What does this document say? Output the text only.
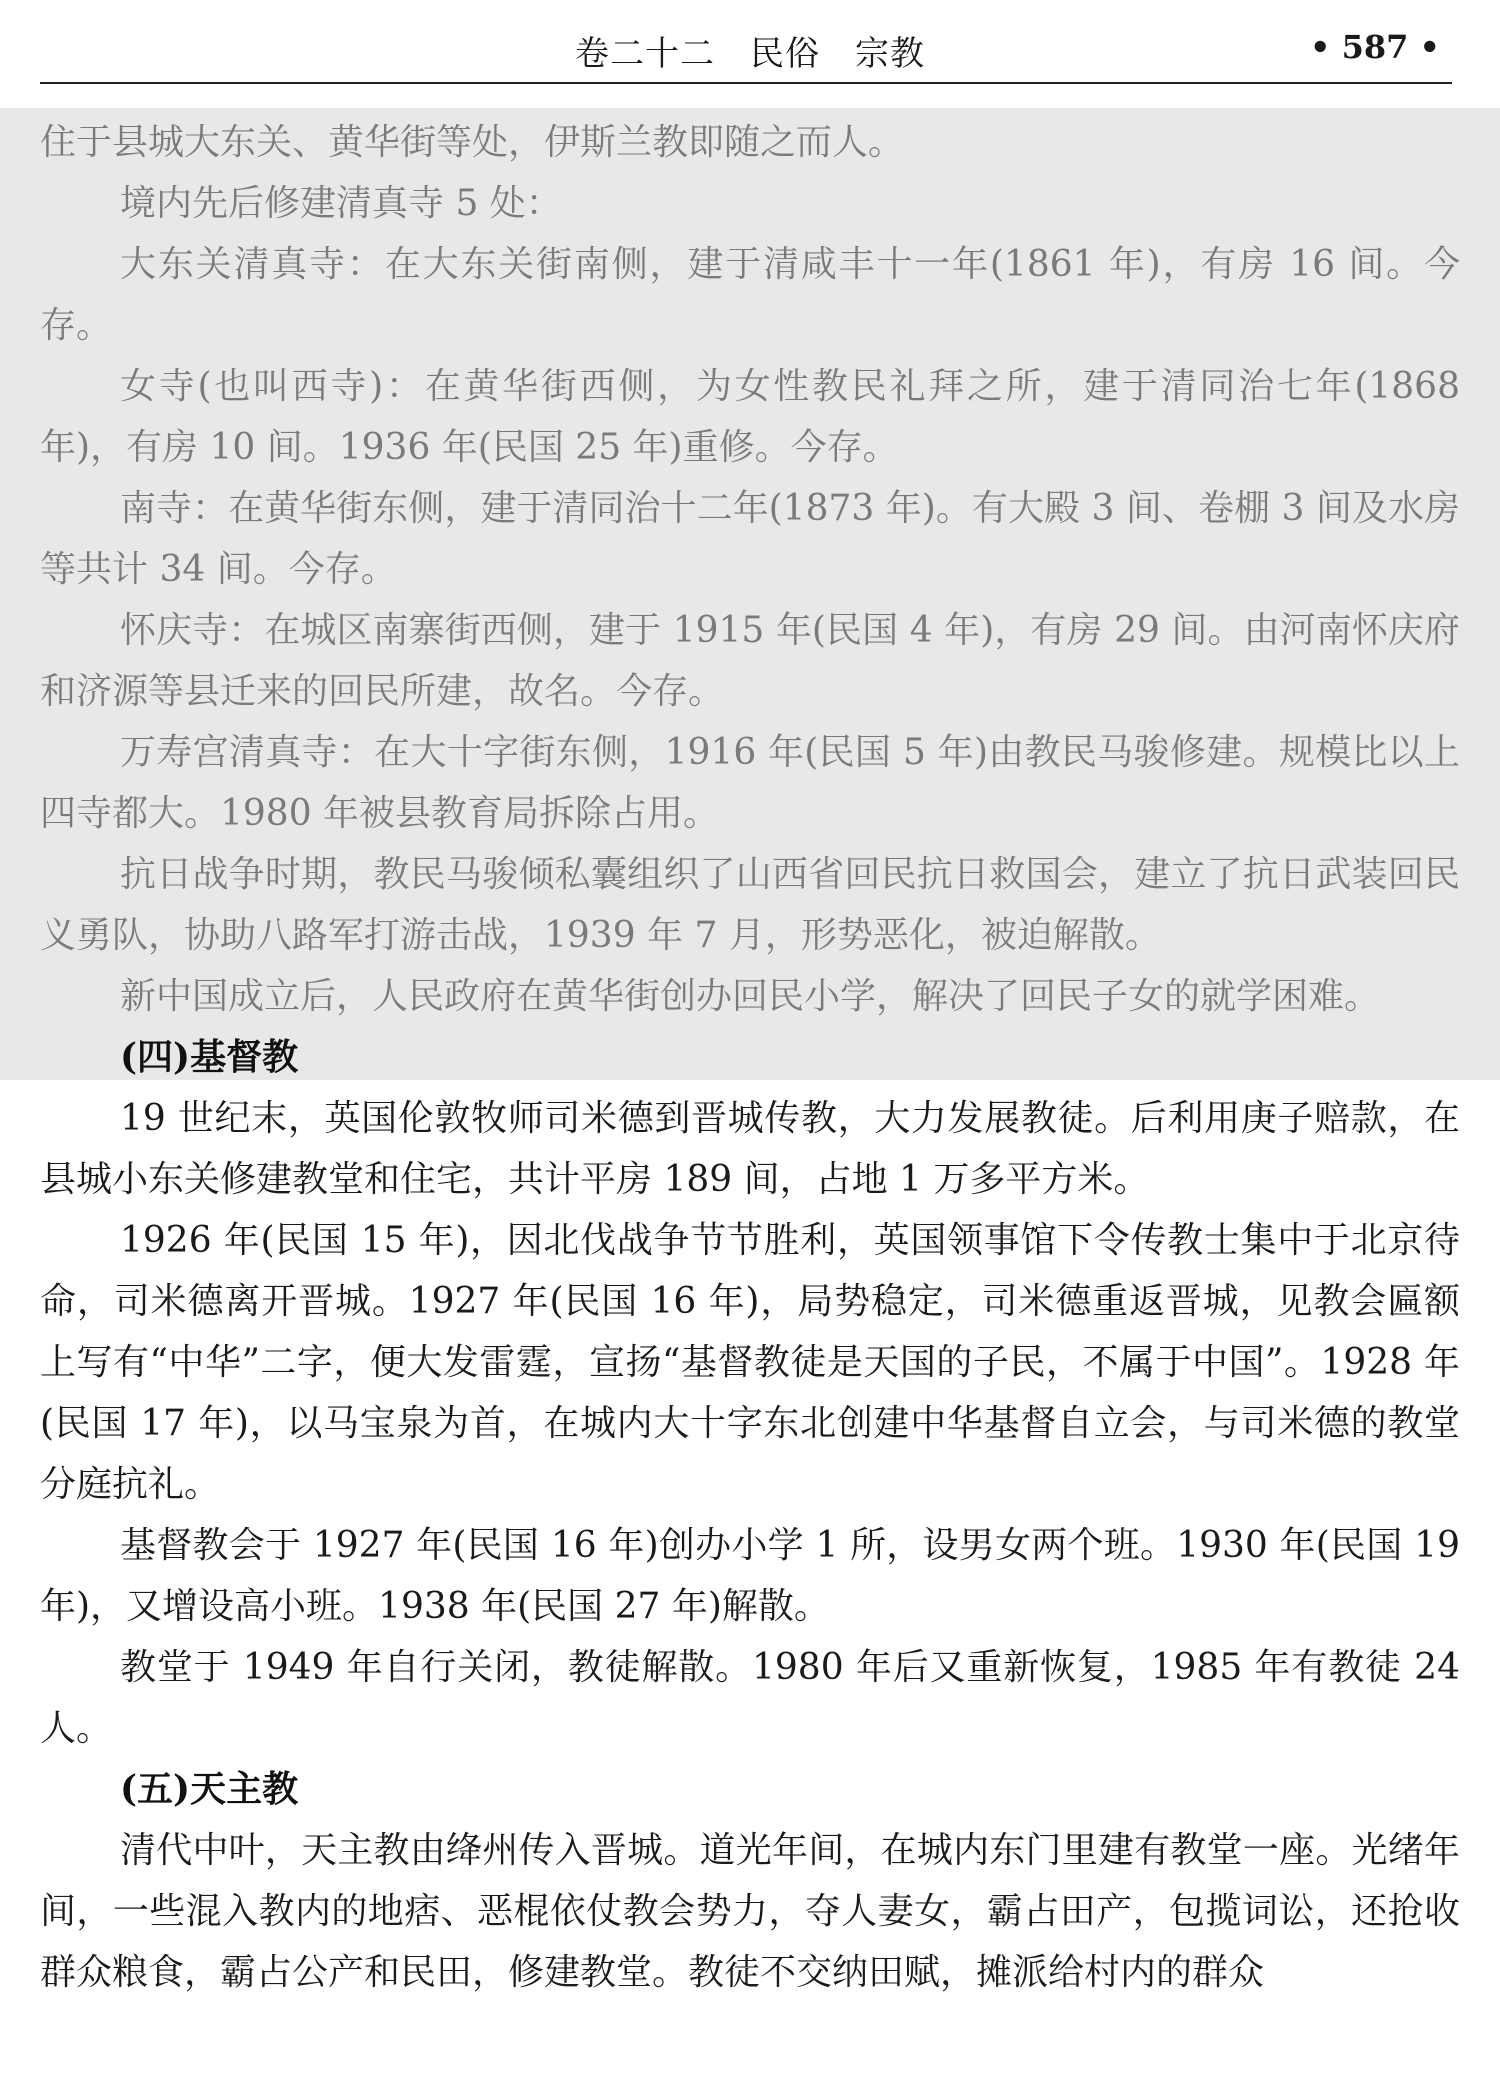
卷二十二　民俗　宗教	• 587 •

住于县城大东关、黄华街等处，伊斯兰教即随之而人。

境内先后修建清真寺 5 处：

大东关清真寺：在大东关街南侧，建于清咸丰十一年(1861 年)，有房 16 间。今存。

女寺(也叫西寺)：在黄华街西侧，为女性教民礼拜之所，建于清同治七年(1868 年)，有房 10 间。1936 年(民国 25 年)重修。今存。

南寺：在黄华街东侧，建于清同治十二年(1873 年)。有大殿 3 间、卷棚 3 间及水房等共计 34 间。今存。

怀庆寺：在城区南寨街西侧，建于 1915 年(民国 4 年)，有房 29 间。由河南怀庆府和济源等县迁来的回民所建，故名。今存。

万寿宫清真寺：在大十字街东侧，1916 年(民国 5 年)由教民马骏修建。规模比以上四寺都大。1980 年被县教育局拆除占用。

抗日战争时期，教民马骏倾私囊组织了山西省回民抗日救国会，建立了抗日武装回民义勇队，协助八路军打游击战，1939 年 7 月，形势恶化，被迫解散。

新中国成立后，人民政府在黄华街创办回民小学，解决了回民子女的就学困难。

(四)基督教

19 世纪末，英国伦敦牧师司米德到晋城传教，大力发展教徒。后利用庚子赔款，在县城小东关修建教堂和住宅，共计平房 189 间，占地 1 万多平方米。

1926 年(民国 15 年)，因北伐战争节节胜利，英国领事馆下令传教士集中于北京待命，司米德离开晋城。1927 年(民国 16 年)，局势稳定，司米德重返晋城，见教会匾额上写有“中华”二字，便大发雷霆，宣扬“基督教徒是天国的子民，不属于中国”。1928 年(民国 17 年)，以马宝泉为首，在城内大十字东北创建中华基督自立会，与司米德的教堂分庭抗礼。

基督教会于 1927 年(民国 16 年)创办小学 1 所，设男女两个班。1930 年(民国 19 年)，又增设高小班。1938 年(民国 27 年)解散。

教堂于 1949 年自行关闭，教徒解散。1980 年后又重新恢复，1985 年有教徒 24 人。

(五)天主教

清代中叶，天主教由绛州传入晋城。道光年间，在城内东门里建有教堂一座。光绪年间，一些混入教内的地痞、恶棍依仗教会势力，夺人妻女，霸占田产，包揽词讼，还抢收群众粮食，霸占公产和民田，修建教堂。教徒不交纳田赋，摊派给村内的群众
